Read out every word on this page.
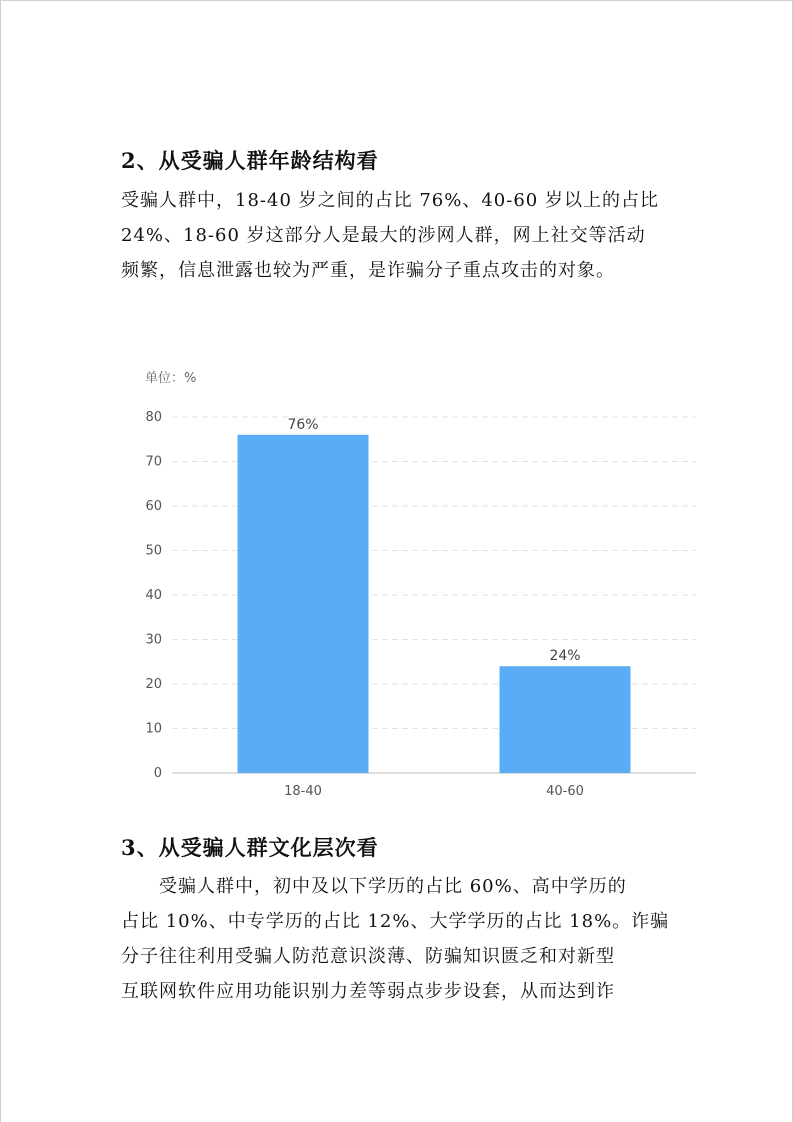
2、从受骗人群年龄结构看
受骗人群中，18-40 岁之间的占比 76%、40-60 岁以上的占比
24%、18-60 岁这部分人是最大的涉网人群，网上社交等活动
频繁，信息泄露也较为严重，是诈骗分子重点攻击的对象。
单位：%
0
10
20
30
40
50
60
70
80	76%
18-40
24%
40-60
3、从受骗人群文化层次看
　　受骗人群中，初中及以下学历的占比 60%、高中学历的
占比 10%、中专学历的占比 12%、大学学历的占比 18%。诈骗
分子往往利用受骗人防范意识淡薄、防骗知识匮乏和对新型
互联网软件应用功能识别力差等弱点步步设套，从而达到诈
